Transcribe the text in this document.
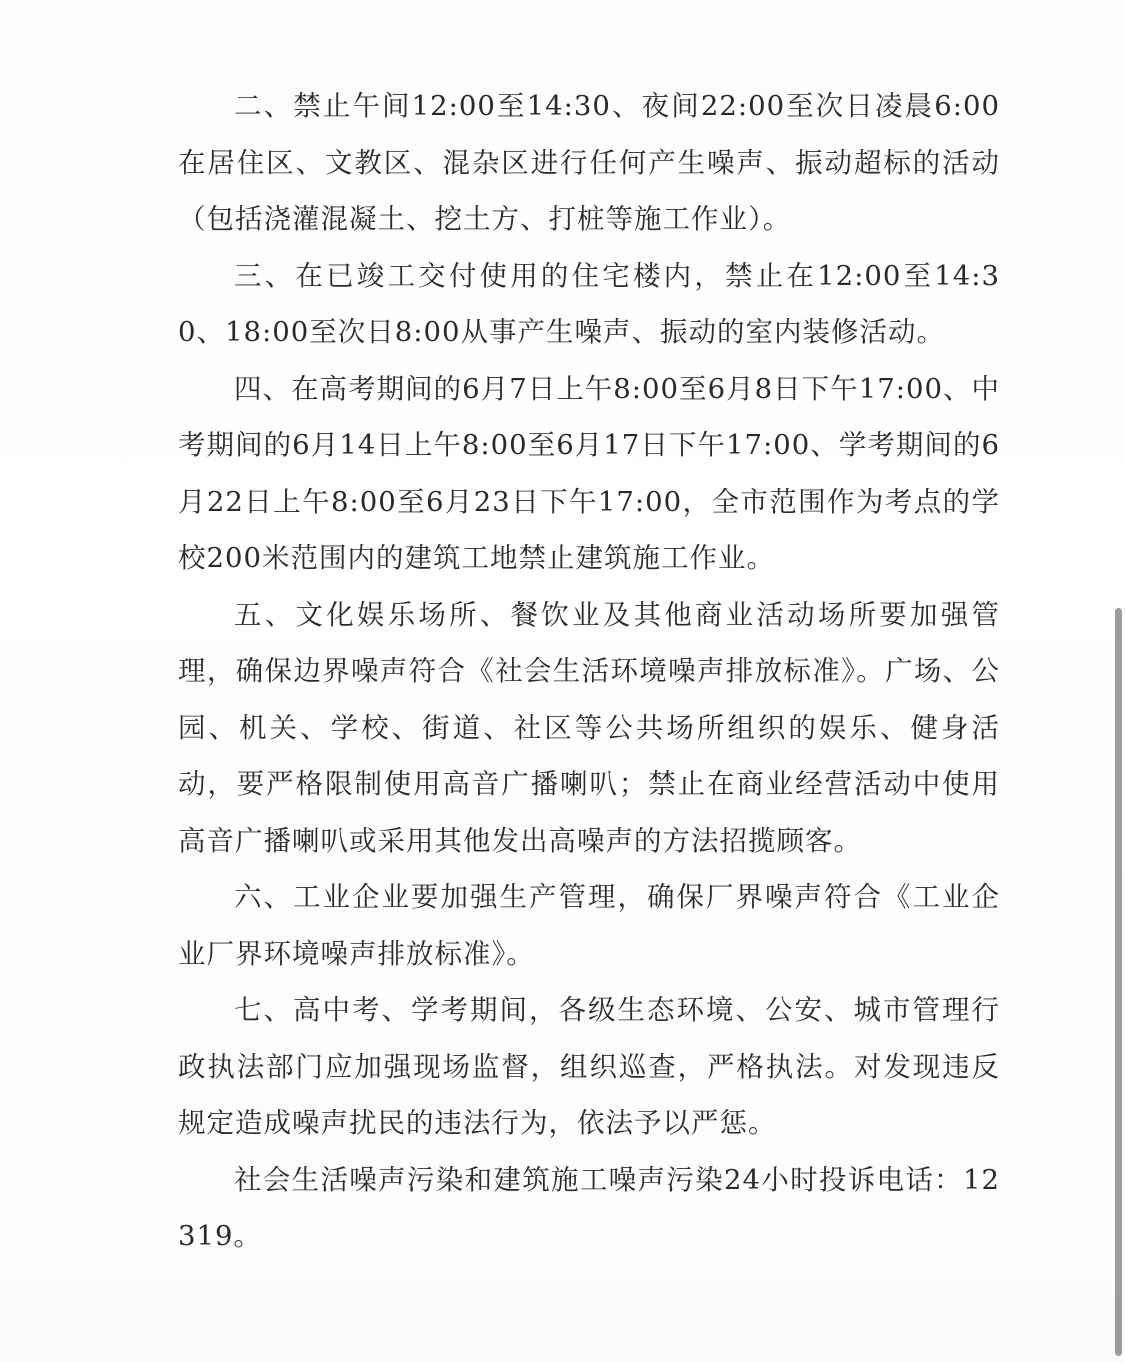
二、禁止午间12:00至14:30、夜间22:00至次日凌晨6:00在居住区、文教区、混杂区进行任何产生噪声、振动超标的活动（包括浇灌混凝土、挖土方、打桩等施工作业）。

三、在已竣工交付使用的住宅楼内，禁止在12:00至14:30、18:00至次日8:00从事产生噪声、振动的室内装修活动。

四、在高考期间的6月7日上午8:00至6月8日下午17:00、中考期间的6月14日上午8:00至6月17日下午17:00、学考期间的6月22日上午8:00至6月23日下午17:00，全市范围作为考点的学校200米范围内的建筑工地禁止建筑施工作业。

五、文化娱乐场所、餐饮业及其他商业活动场所要加强管理，确保边界噪声符合《社会生活环境噪声排放标准》。广场、公园、机关、学校、街道、社区等公共场所组织的娱乐、健身活动，要严格限制使用高音广播喇叭；禁止在商业经营活动中使用高音广播喇叭或采用其他发出高噪声的方法招揽顾客。

六、工业企业要加强生产管理，确保厂界噪声符合《工业企业厂界环境噪声排放标准》。

七、高中考、学考期间，各级生态环境、公安、城市管理行政执法部门应加强现场监督，组织巡查，严格执法。对发现违反规定造成噪声扰民的违法行为，依法予以严惩。

社会生活噪声污染和建筑施工噪声污染24小时投诉电话：12319。
